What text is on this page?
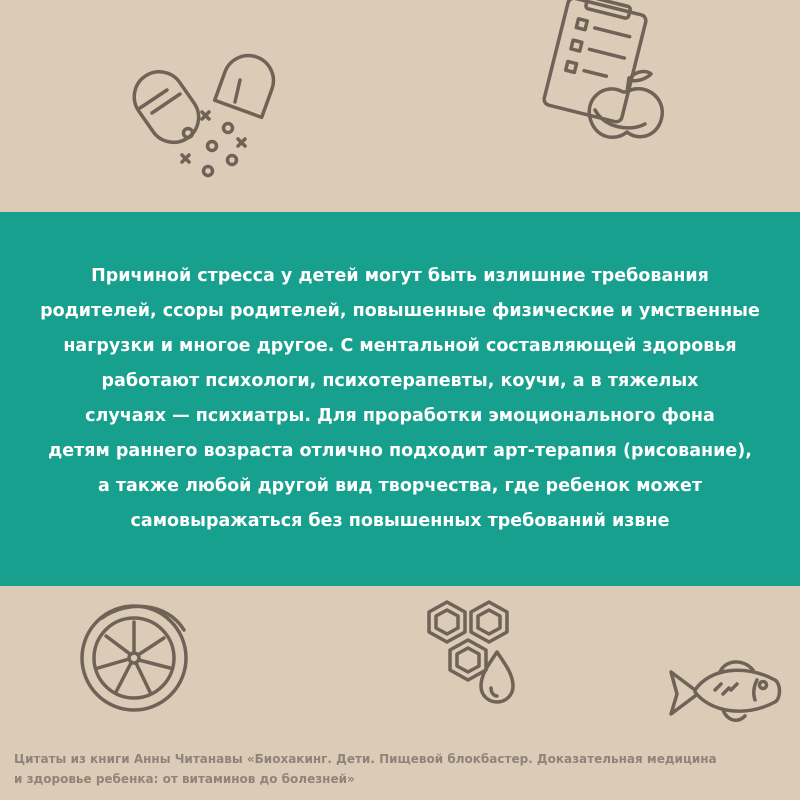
Причиной стресса у детей могут быть излишние требования
родителей, ссоры родителей, повышенные физические и умственные
нагрузки и многое другое. С ментальной составляющей здоровья
работают психологи, психотерапевты, коучи, а в тяжелых
случаях — психиатры. Для проработки эмоционального фона
детям раннего возраста отлично подходит арт-терапия (рисование),
а также любой другой вид творчества, где ребенок может
самовыражаться без повышенных требований извне

Цитаты из книги Анны Читанавы «Биохакинг. Дети. Пищевой блокбастер. Доказательная медицина
и здоровье ребенка: от витаминов до болезней»
